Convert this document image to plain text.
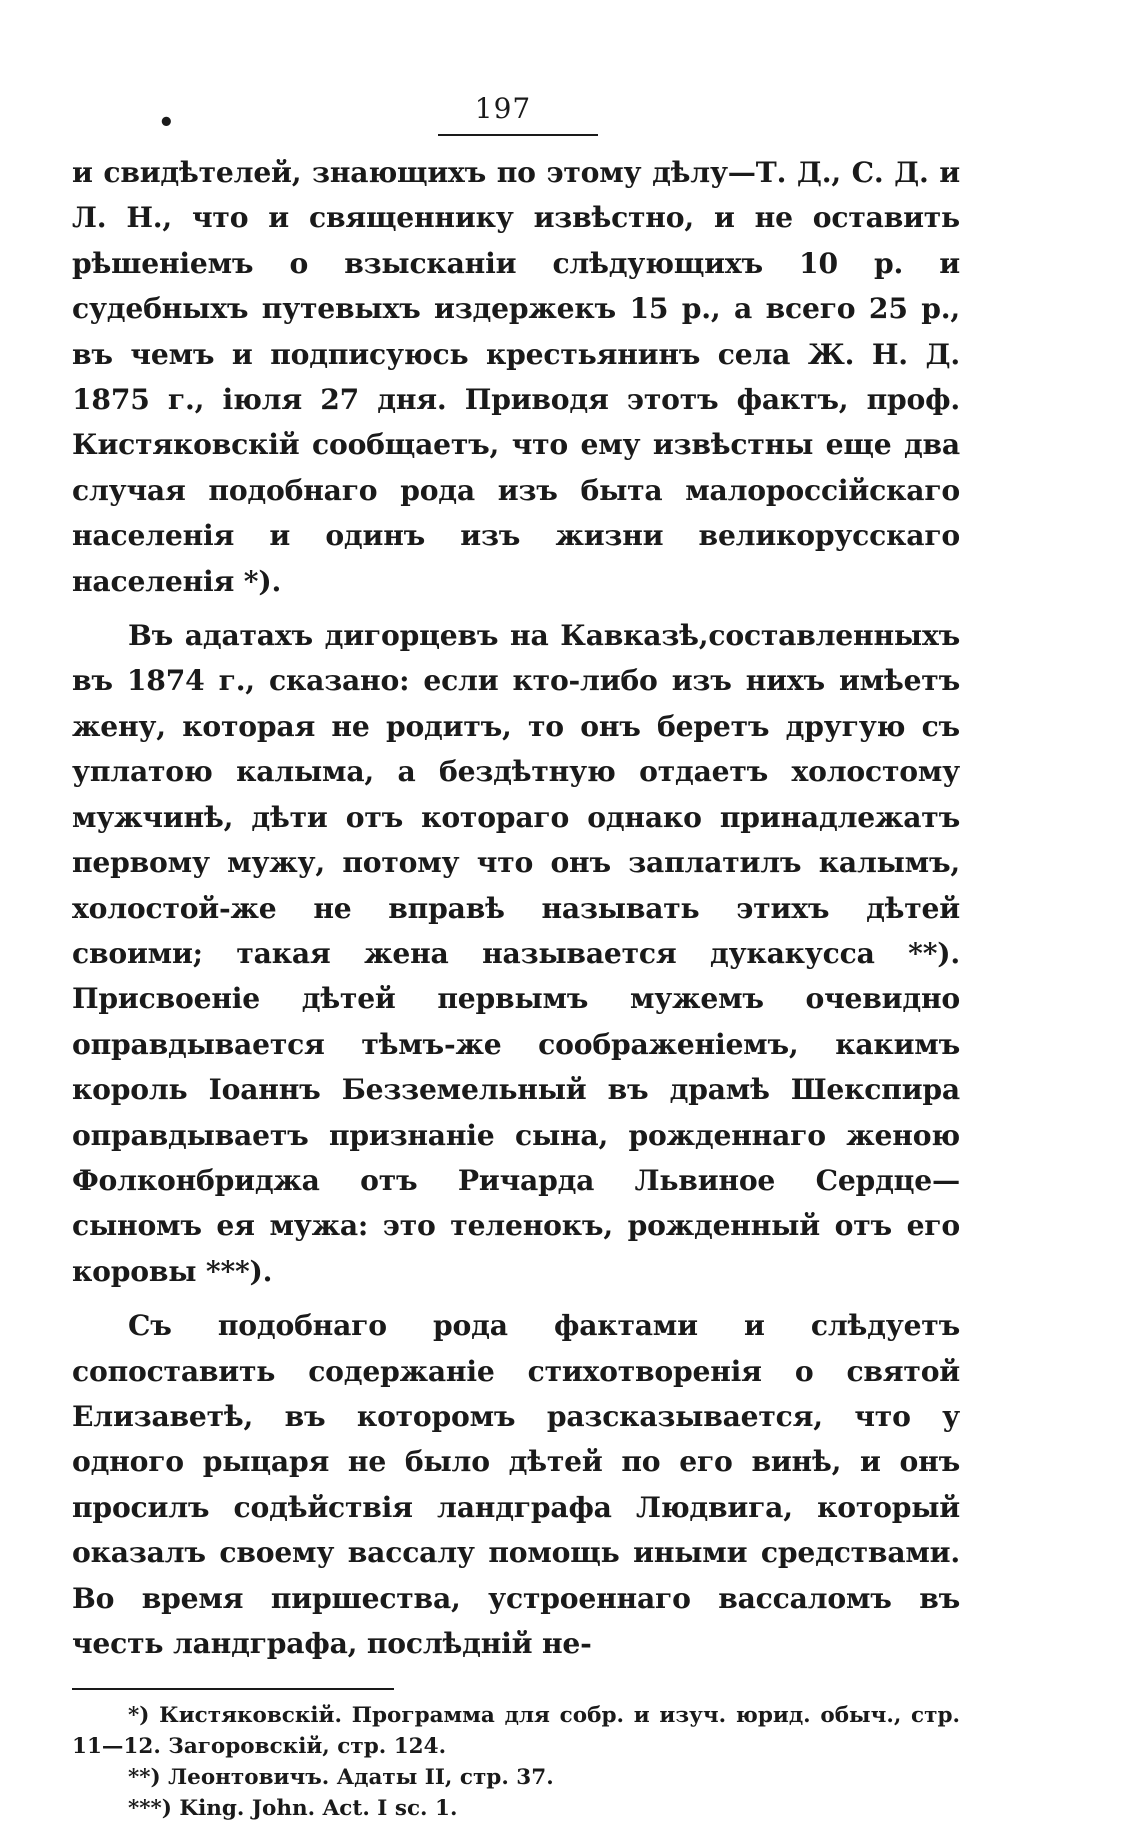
•	197

и свидѣтелей, знающихъ по этому дѣлу—Т. Д., С. Д. и Л. Н., что и священнику извѣстно, и не оставить рѣшеніемъ о взысканіи слѣдующихъ 10 р. и судебныхъ путевыхъ издержекъ 15 р., а всего 25 р., въ чемъ и подписуюсь крестьянинъ села Ж. Н. Д. 1875 г., іюля 27 дня. Приводя этотъ фактъ, проф. Кистяковскій сообщаетъ, что ему извѣстны еще два случая подобнаго рода изъ быта малороссійскаго населенія и одинъ изъ жизни великорусскаго населенія *).

Въ адатахъ дигорцевъ на Кавказѣ,составленныхъ въ 1874 г., сказано: если кто-либо изъ нихъ имѣетъ жену, которая не родитъ, то онъ беретъ другую съ уплатою калыма, а бездѣтную отдаетъ холостому мужчинѣ, дѣти отъ котораго однако принадлежатъ первому мужу, потому что онъ заплатилъ калымъ, холостой-же не вправѣ называть этихъ дѣтей своими; такая жена называется дукакусса **). Присвоеніе дѣтей первымъ мужемъ очевидно оправдывается тѣмъ-же соображеніемъ, какимъ король Іоаннъ Безземельный въ драмѣ Шекспира оправдываетъ признаніе сына, рожденнаго женою Фолконбриджа отъ Ричарда Львиное Сердце—сыномъ ея мужа: это теленокъ, рожденный отъ его коровы ***).

Съ подобнаго рода фактами и слѣдуетъ сопоставить содержаніе стихотворенія о святой Елизаветѣ, въ которомъ разсказывается, что у одного рыцаря не было дѣтей по его винѣ, и онъ просилъ содѣйствія ландграфа Людвига, который оказалъ своему вассалу помощь иными средствами. Во время пиршества, устроеннаго вассаломъ въ честь ландграфа, послѣдній не-

*) Кистяковскій. Программа для собр. и изуч. юрид. обыч., стр. 11—12. Загоровскій, стр. 124.

**) Леонтовичъ. Адаты II, стр. 37.

***) King. John. Act. I sc. 1.
